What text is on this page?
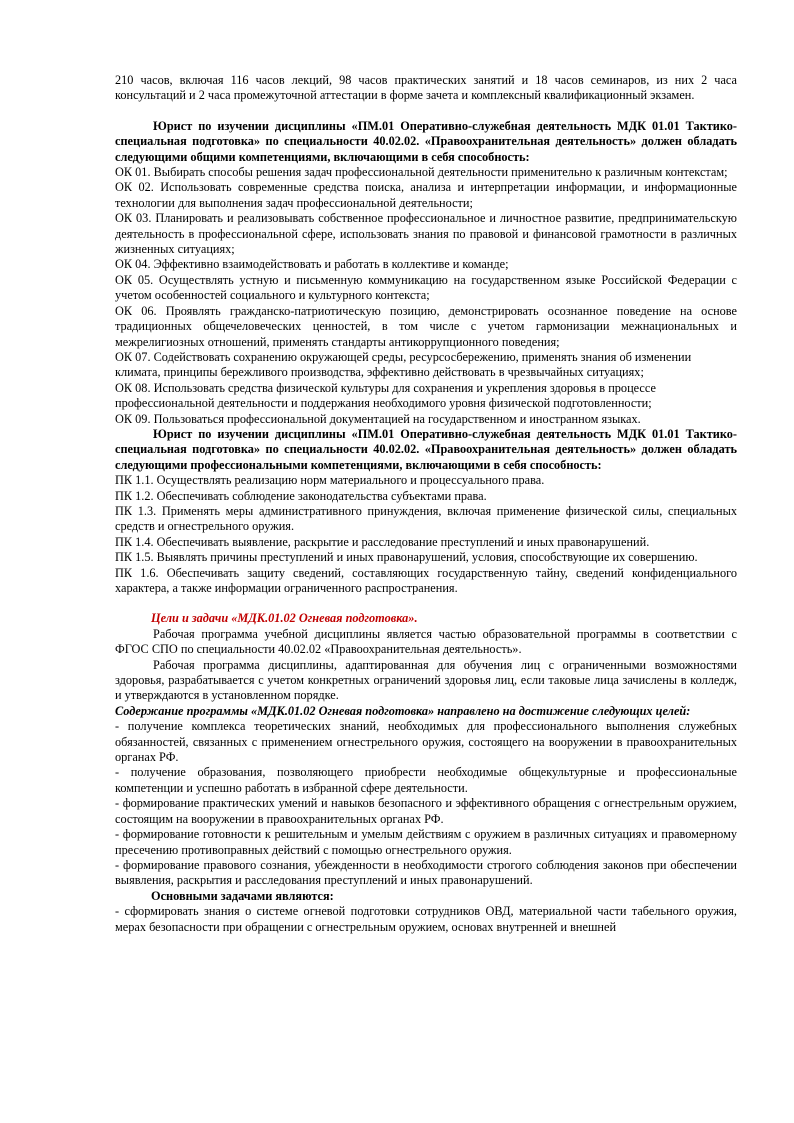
210 часов, включая 116 часов лекций, 98 часов практических занятий и 18 часов семинаров, из них 2 часа консультаций и 2 часа промежуточной аттестации в форме зачета и комплексный квалификационный экзамен.

Юрист по изучении дисциплины «ПМ.01 Оперативно-служебная деятельность МДК 01.01 Тактико-специальная подготовка» по специальности 40.02.02. «Правоохранительная деятельность» должен обладать следующими общими компетенциями, включающими в себя способность:

ОК 01. Выбирать способы решения задач профессиональной деятельности применительно к различным контекстам;

ОК 02. Использовать современные средства поиска, анализа и интерпретации информации, и информационные технологии для выполнения задач профессиональной деятельности;

ОК 03. Планировать и реализовывать собственное профессиональное и личностное развитие, предпринимательскую деятельность в профессиональной сфере, использовать знания по правовой и финансовой грамотности в различных жизненных ситуациях;

ОК 04. Эффективно взаимодействовать и работать в коллективе и команде;

ОК 05. Осуществлять устную и письменную коммуникацию на государственном языке Российской Федерации с учетом особенностей социального и культурного контекста;

ОК 06. Проявлять гражданско-патриотическую позицию, демонстрировать осознанное поведение на основе традиционных общечеловеческих ценностей, в том числе с учетом гармонизации межнациональных и межрелигиозных отношений, применять стандарты антикоррупционного поведения;

ОК 07. Содействовать сохранению окружающей среды, ресурсосбережению, применять знания об изменении климата, принципы бережливого производства, эффективно действовать в чрезвычайных ситуациях;

ОК 08. Использовать средства физической культуры для сохранения и укрепления здоровья в процессе профессиональной деятельности и поддержания необходимого уровня физической подготовленности;

ОК 09. Пользоваться профессиональной документацией на государственном и иностранном языках.

Юрист по изучении дисциплины «ПМ.01 Оперативно-служебная деятельность МДК 01.01 Тактико-специальная подготовка» по специальности 40.02.02. «Правоохранительная деятельность» должен обладать следующими профессиональными компетенциями, включающими в себя способность:

ПК 1.1. Осуществлять реализацию норм материального и процессуального права.

ПК 1.2. Обеспечивать соблюдение законодательства субъектами права.

ПК 1.3. Применять меры административного принуждения, включая применение физической силы, специальных средств и огнестрельного оружия.

ПК 1.4. Обеспечивать выявление, раскрытие и расследование преступлений и иных правонарушений.

ПК 1.5. Выявлять причины преступлений и иных правонарушений, условия, способствующие их совершению.

ПК 1.6. Обеспечивать защиту сведений, составляющих государственную тайну, сведений конфиденциального характера, а также информации ограниченного распространения.

Цели и задачи «МДК.01.02 Огневая подготовка».

Рабочая программа учебной дисциплины является частью образовательной программы в соответствии с ФГОС СПО по специальности 40.02.02 «Правоохранительная деятельность».

Рабочая программа дисциплины, адаптированная для обучения лиц с ограниченными возможностями здоровья, разрабатывается с учетом конкретных ограничений здоровья лиц, если таковые лица зачислены в колледж, и утверждаются в установленном порядке.

Содержание программы «МДК.01.02 Огневая подготовка» направлено на достижение следующих целей:

- получение комплекса теоретических знаний, необходимых для профессионального выполнения служебных обязанностей, связанных с применением огнестрельного оружия, состоящего на вооружении в правоохранительных органах РФ.

- получение образования, позволяющего приобрести необходимые общекультурные и профессиональные компетенции и успешно работать в избранной сфере деятельности.

- формирование практических умений и навыков безопасного и эффективного обращения с огнестрельным оружием, состоящим на вооружении в правоохранительных органах РФ.

- формирование готовности к решительным и умелым действиям с оружием в различных ситуациях и правомерному пресечению противоправных действий с помощью огнестрельного оружия.

- формирование правового сознания, убежденности в необходимости строгого соблюдения законов при обеспечении выявления, раскрытия и расследования преступлений и иных правонарушений.

Основными задачами являются:

- сформировать знания о системе огневой подготовки сотрудников ОВД, материальной части табельного оружия, мерах безопасности при обращении с огнестрельным оружием, основах внутренней и внешней
